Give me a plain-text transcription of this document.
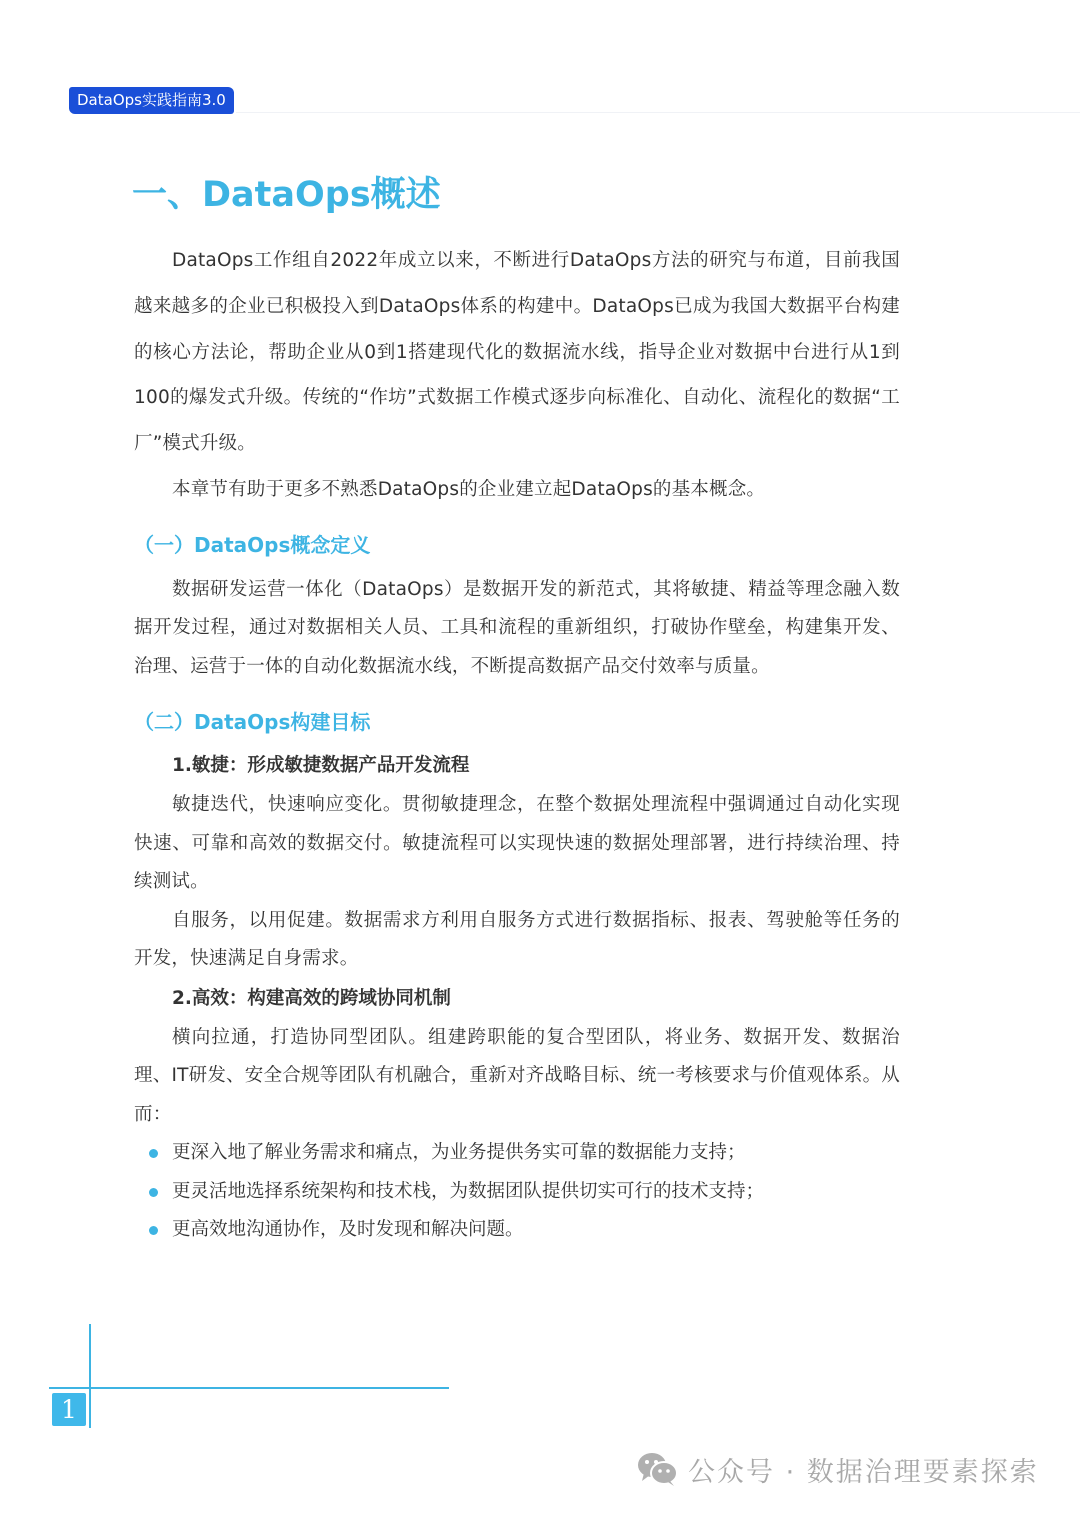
DataOps实践指南3.0
一、DataOps概述

DataOps工作组自2022年成立以来，不断进行DataOps方法的研究与布道，目前我国越来越多的企业已积极投入到DataOps体系的构建中。DataOps已成为我国大数据平台构建的核心方法论，帮助企业从0到1搭建现代化的数据流水线，指导企业对数据中台进行从1到100的爆发式升级。传统的“作坊”式数据工作模式逐步向标准化、自动化、流程化的数据“工厂”模式升级。

本章节有助于更多不熟悉DataOps的企业建立起DataOps的基本概念。

（一）DataOps概念定义

数据研发运营一体化（DataOps）是数据开发的新范式，其将敏捷、精益等理念融入数据开发过程，通过对数据相关人员、工具和流程的重新组织，打破协作壁垒，构建集开发、治理、运营于一体的自动化数据流水线，不断提高数据产品交付效率与质量。

（二）DataOps构建目标
1.敏捷：形成敏捷数据产品开发流程

敏捷迭代，快速响应变化。贯彻敏捷理念，在整个数据处理流程中强调通过自动化实现快速、可靠和高效的数据交付。敏捷流程可以实现快速的数据处理部署，进行持续治理、持续测试。

自服务，以用促建。数据需求方利用自服务方式进行数据指标、报表、驾驶舱等任务的开发，快速满足自身需求。

2.高效：构建高效的跨域协同机制

横向拉通，打造协同型团队。组建跨职能的复合型团队，将业务、数据开发、数据治理、IT研发、安全合规等团队有机融合，重新对齐战略目标、统一考核要求与价值观体系。从而：

更深入地了解业务需求和痛点，为业务提供务实可靠的数据能力支持；
更灵活地选择系统架构和技术栈，为数据团队提供切实可行的技术支持；
更高效地沟通协作，及时发现和解决问题。
1
公众号 · 数据治理要素探索
